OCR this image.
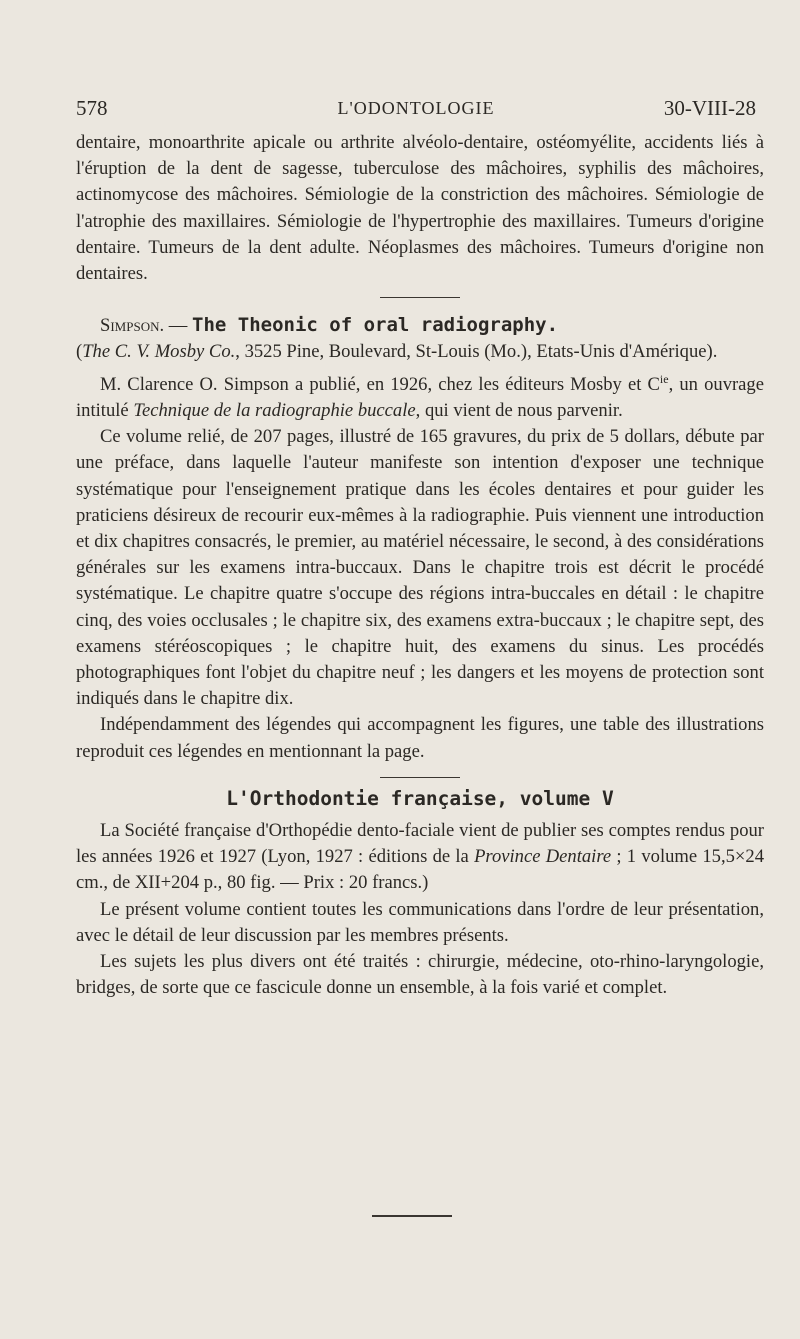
578	L'ODONTOLOGIE	30-VIII-28

dentaire, monoarthrite apicale ou arthrite alvéolo-dentaire, ostéomyélite, accidents liés à l'éruption de la dent de sagesse, tuberculose des mâchoires, syphilis des mâchoires, actinomycose des mâchoires. Sémiologie de la constriction des mâchoires. Sémiologie de l'atrophie des maxillaires. Sémiologie de l'hypertrophie des maxillaires. Tumeurs d'origine dentaire. Tumeurs de la dent adulte. Néoplasmes des mâchoires. Tumeurs d'origine non dentaires.

Simpson. — The Theonic of oral radiography.

(The C. V. Mosby Co., 3525 Pine, Boulevard, St-Louis (Mo.), Etats-Unis d'Amérique).

M. Clarence O. Simpson a publié, en 1926, chez les éditeurs Mosby et $C^{ie}$, un ouvrage intitulé Technique de la radiographie buccale, qui vient de nous parvenir.

Ce volume relié, de 207 pages, illustré de 165 gravures, du prix de 5 dollars, débute par une préface, dans laquelle l'auteur manifeste son intention d'exposer une technique systématique pour l'enseignement pratique dans les écoles dentaires et pour guider les praticiens désireux de recourir eux-mêmes à la radiographie. Puis viennent une introduction et dix chapitres consacrés, le premier, au matériel nécessaire, le second, à des considérations générales sur les examens intra-buccaux. Dans le chapitre trois est décrit le procédé systématique. Le chapitre quatre s'occupe des régions intra-buccales en détail : le chapitre cinq, des voies occlusales ; le chapitre six, des examens extra-buccaux ; le chapitre sept, des examens stéréoscopiques ; le chapitre huit, des examens du sinus. Les procédés photographiques font l'objet du chapitre neuf ; les dangers et les moyens de protection sont indiqués dans le chapitre dix.

Indépendamment des légendes qui accompagnent les figures, une table des illustrations reproduit ces légendes en mentionnant la page.

L'Orthodontie française, volume V

La Société française d'Orthopédie dento-faciale vient de publier ses comptes rendus pour les années 1926 et 1927 (Lyon, 1927 : éditions de la Province Dentaire ; 1 volume 15,5×24 cm., de XII+204 p., 80 fig. — Prix : 20 francs.)

Le présent volume contient toutes les communications dans l'ordre de leur présentation, avec le détail de leur discussion par les membres présents.

Les sujets les plus divers ont été traités : chirurgie, médecine, oto-rhino-laryngologie, bridges, de sorte que ce fascicule donne un ensemble, à la fois varié et complet.
